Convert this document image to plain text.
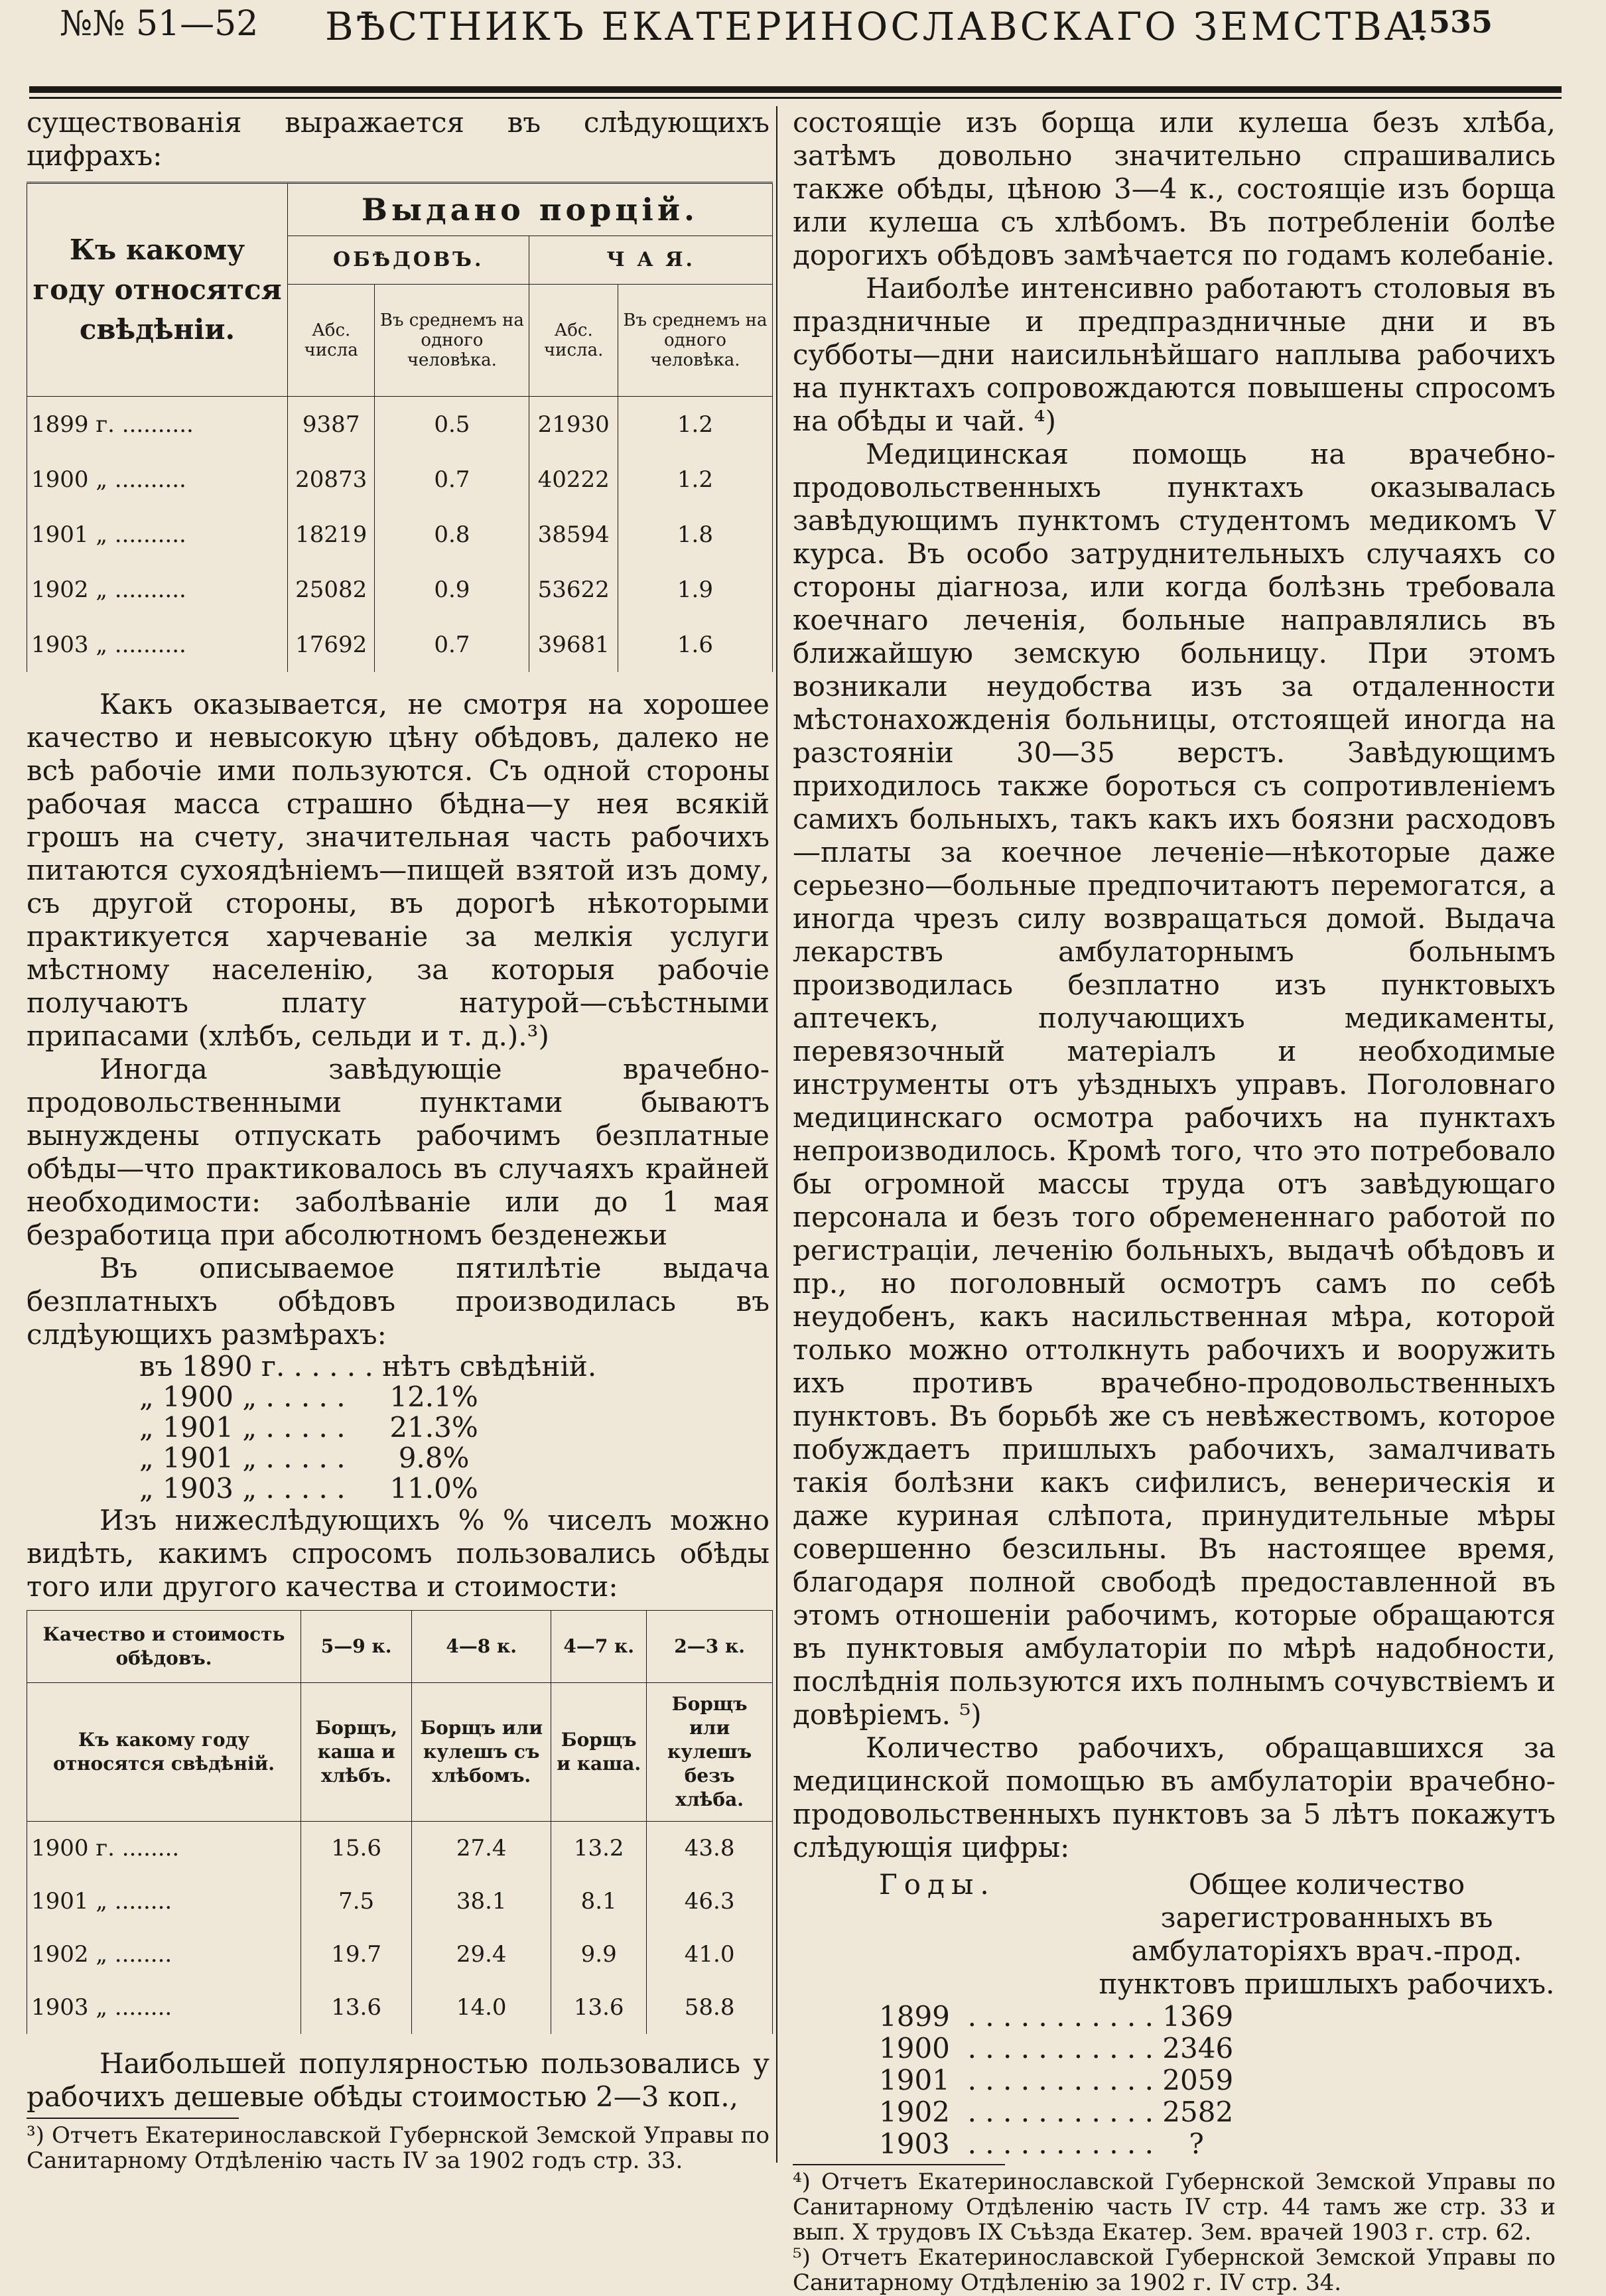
№№ 51—52 ВѢСТНИКЪ ЕКАТЕРИНОСЛАВСКАГО ЗЕМСТВА.
1535

существованія выражается въ слѣдующихъ цифрахъ:

Къ какому году относятся свѣдѣніи.	Выдано порцій.			
	ОБѢДОВЪ.		Ч А Я.	
	Абс. числа	Въ среднемъ на одного человѣка.	Абс. числа.	Въ среднемъ на одного человѣка.
1899 г. ..........	9387	0.5	21930	1.2
1900 „ ..........	20873	0.7	40222	1.2
1901 „ ..........	18219	0.8	38594	1.8
1902 „ ..........	25082	0.9	53622	1.9
1903 „ ..........	17692	0.7	39681	1.6

Какъ оказывается, не смотря на хорошее качество и невысокую цѣну обѣдовъ, далеко не всѣ рабочіе ими пользуются. Съ одной стороны рабочая масса страшно бѣдна—у нея всякій грошъ на счету, значительная часть рабочихъ питаются сухоядѣніемъ—пищей взятой изъ дому, съ другой стороны, въ дорогѣ нѣкоторыми практикуется харчеваніе за мелкія услуги мѣстному населенію, за которыя рабочіе получаютъ плату натурой—съѣстными припасами (хлѣбъ, сельди и т. д.).³)

Иногда завѣдующіе врачебно-продовольственными пунктами бываютъ вынуждены отпускать рабочимъ безплатные обѣды—что практиковалось въ случаяхъ крайней необходимости: заболѣваніе или до 1 мая безработица при абсолютномъ безденежьи

Въ описываемое пятилѣтіе выдача безплатныхъ обѣдовъ производилась въ слдѣующихъ размѣрахъ:

въ 1890 г. . . . . . нѣтъ свѣдѣній.
„ 1900 „ . . . . .     12.1%
„ 1901 „ . . . . .     21.3%
„ 1901 „ . . . . .      9.8%
„ 1903 „ . . . . .     11.0%

Изъ нижеслѣдующихъ % % чиселъ можно видѣть, какимъ спросомъ пользовались обѣды того или другого качества и стоимости:

Качество и стоимость обѣдовъ.	5—9 к.	4—8 к.	4—7 к.	2—3 к.
Къ какому году относятся свѣдѣній.	Борщъ, каша и хлѣбъ.	Борщъ или кулешъ съ хлѣбомъ.	Борщъ и каша.	Борщъ или кулешъ безъ хлѣба.
1900 г. ........	15.6	27.4	13.2	43.8
1901 „ ........	7.5	38.1	8.1	46.3
1902 „ ........	19.7	29.4	9.9	41.0
1903 „ ........	13.6	14.0	13.6	58.8

Наибольшей популярностью пользовались у рабочихъ дешевые обѣды стоимостью 2—3 коп.,

³) Отчетъ Екатеринославской Губернской Земской Управы по Санитарному Отдѣленію часть IV за 1902 годъ стр. 33.

состоящіе изъ борща или кулеша безъ хлѣба, затѣмъ довольно значительно спрашивались также обѣды, цѣною 3—4 к., состоящіе изъ борща или кулеша съ хлѣбомъ. Въ потребленіи болѣе дорогихъ обѣдовъ замѣчается по годамъ колебаніе.

Наиболѣе интенсивно работаютъ столовыя въ праздничные и предпраздничные дни и въ субботы—дни наисильнѣйшаго наплыва рабочихъ на пунктахъ сопровождаются повышены спросомъ на обѣды и чай. ⁴)

Медицинская помощь на врачебно-продовольственныхъ пунктахъ оказывалась завѣдующимъ пунктомъ студентомъ медикомъ V курса. Въ особо затруднительныхъ случаяхъ со стороны діагноза, или когда болѣзнь требовала коечнаго леченія, больные направлялись въ ближайшую земскую больницу. При этомъ возникали неудобства изъ за отдаленности мѣстонахожденія больницы, отстоящей иногда на разстояніи 30—35 верстъ. Завѣдующимъ приходилось также бороться съ сопротивленіемъ самихъ больныхъ, такъ какъ ихъ боязни расходовъ—платы за коечное леченіе—нѣкоторые даже серьезно—больные предпочитаютъ перемогатся, а иногда чрезъ силу возвращаться домой. Выдача лекарствъ амбулаторнымъ больнымъ производилась безплатно изъ пунктовыхъ аптечекъ, получающихъ медикаменты, перевязочный матеріалъ и необходимые инструменты отъ уѣздныхъ управъ. Поголовнаго медицинскаго осмотра рабочихъ на пунктахъ непроизводилось. Кромѣ того, что это потребовало бы огромной массы труда отъ завѣдующаго персонала и безъ того обремененнаго работой по регистраціи, леченію больныхъ, выдачѣ обѣдовъ и пр., но поголовный осмотръ самъ по себѣ неудобенъ, какъ насильственная мѣра, которой только можно оттолкнуть рабочихъ и вооружить ихъ противъ врачебно-продовольственныхъ пунктовъ. Въ борьбѣ же съ невѣжествомъ, которое побуждаетъ пришлыхъ рабочихъ, замалчивать такія болѣзни какъ сифилисъ, венерическія и даже куриная слѣпота, принудительные мѣры совершенно безсильны. Въ настоящее время, благодаря полной свободѣ предоставленной въ этомъ отношеніи рабочимъ, которые обращаются въ пунктовыя амбулаторіи по мѣрѣ надобности, послѣднія пользуются ихъ полнымъ сочувствіемъ и довѣріемъ. ⁵)

Количество рабочихъ, обращавшихся за медицинской помощью въ амбулаторіи врачебно-продовольственныхъ пунктовъ за 5 лѣтъ покажутъ слѣдующія цифры:

Годы.	Общее количество зарегистрованныхъ въ амбулаторіяхъ врач.-прод. пунктовъ пришлыхъ рабочихъ.
1899  . . . . . . . . . . . 1369
1900  . . . . . . . . . . . 2346
1901  . . . . . . . . . . . 2059
1902  . . . . . . . . . . . 2582
1903  . . . . . . . . . . .    ?

⁴) Отчетъ Екатеринославской Губернской Земской Управы по Санитарному Отдѣленію часть IV стр. 44 тамъ же стр. 33 и вып. X трудовъ IX Съѣзда Екатер. Зем. врачей 1903 г. стр. 62.

⁵) Отчетъ Екатеринославской Губернской Земской Управы по Санитарному Отдѣленію за 1902 г. IV стр. 34.
